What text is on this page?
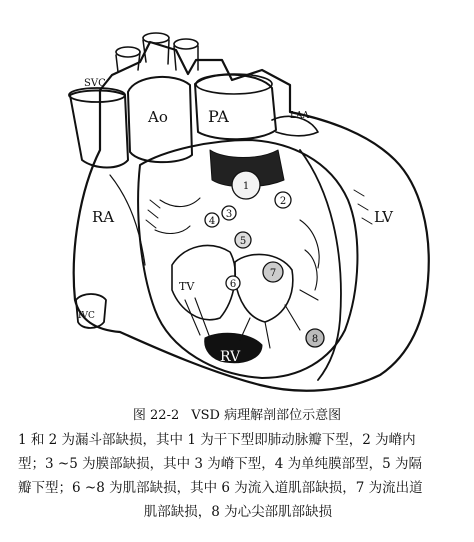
SVC
Ao	PA	LAA
RA	LV
TV
RV
IVC
1
2
3
4
5
6
7
8
图 22-2 VSD 病理解剖部位示意图
1 和 2 为漏斗部缺损，其中 1 为干下型即肺动脉瓣下型，2 为嵴内
型；3 ~5 为膜部缺损，其中 3 为嵴下型，4 为单纯膜部型，5 为隔
瓣下型；6 ~8 为肌部缺损，其中 6 为流入道肌部缺损，7 为流出道
肌部缺损，8 为心尖部肌部缺损
